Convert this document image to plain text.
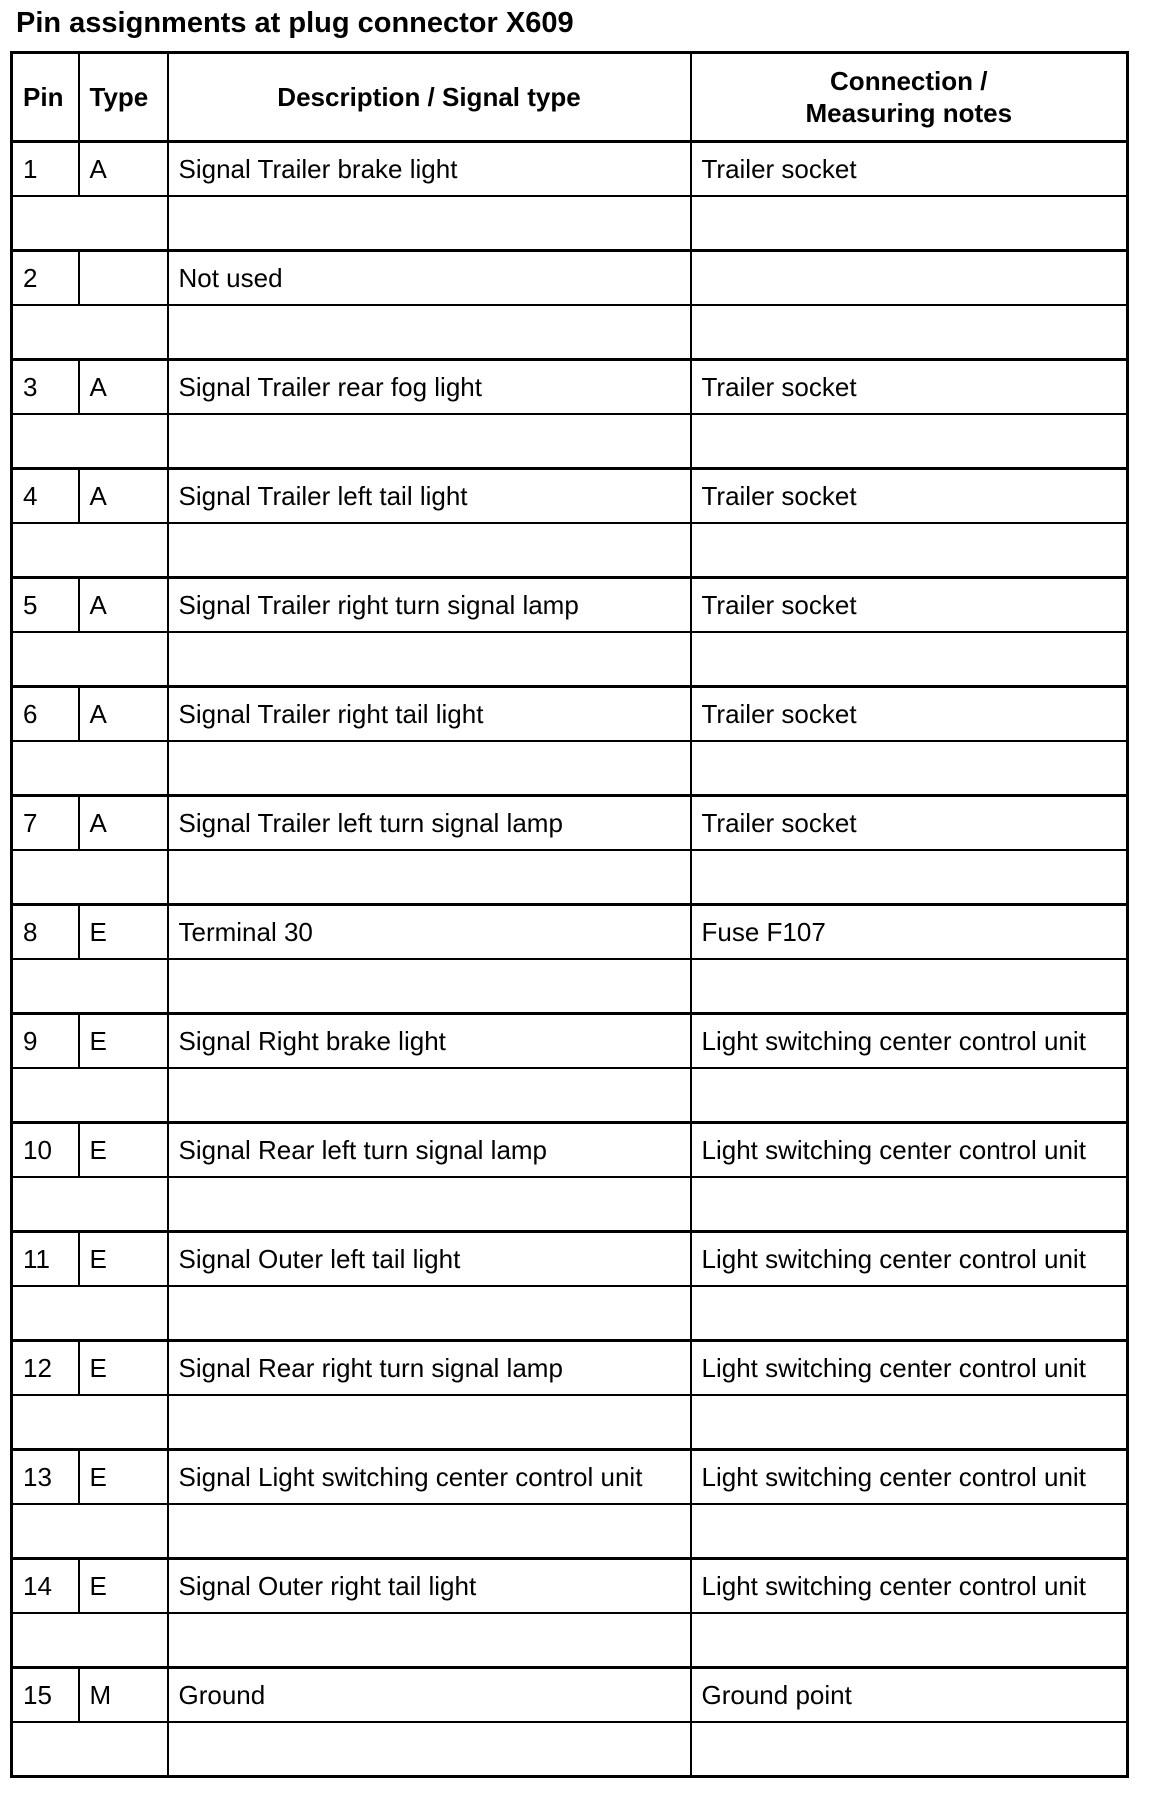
Pin assignments at plug connector X609
Pin	Type	Description / Signal type	Connection /
Measuring notes

1	A	Signal Trailer brake light	Trailer socket

2		Not used	

3	A	Signal Trailer rear fog light	Trailer socket

4	A	Signal Trailer left tail light	Trailer socket

5	A	Signal Trailer right turn signal lamp	Trailer socket

6	A	Signal Trailer right tail light	Trailer socket

7	A	Signal Trailer left turn signal lamp	Trailer socket

8	E	Terminal 30	Fuse F107

9	E	Signal Right brake light	Light switching center control unit

10	E	Signal Rear left turn signal lamp	Light switching center control unit

11	E	Signal Outer left tail light	Light switching center control unit

12	E	Signal Rear right turn signal lamp	Light switching center control unit

13	E	Signal Light switching center control unit	Light switching center control unit

14	E	Signal Outer right tail light	Light switching center control unit

15	M	Ground	Ground point
